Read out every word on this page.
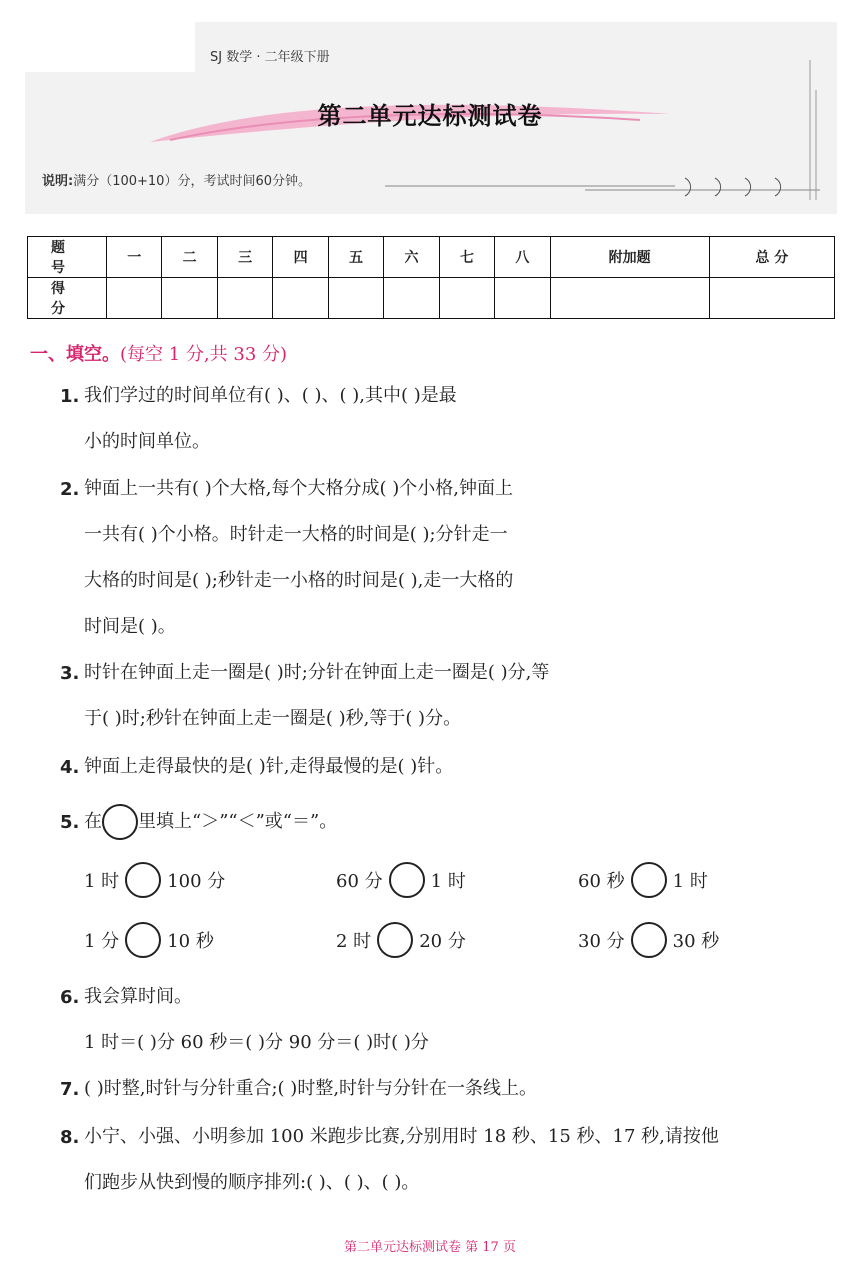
SJ 数学 · 二年级下册
第二单元达标测试卷
说明:满分（100+10）分，考试时间60分钟。
题 号	一	二	三	四	五	六	七	八	附加题	总 分
得 分										
一、填空。(每空 1 分,共 33 分)
1. 我们学过的时间单位有( )、( )、( ),其中( )是最
小的时间单位。
2. 钟面上一共有( )个大格,每个大格分成( )个小格,钟面上
一共有( )个小格。时针走一大格的时间是( );分针走一
大格的时间是( );秒针走一小格的时间是( ),走一大格的
时间是( )。
3. 时针在钟面上走一圈是( )时;分针在钟面上走一圈是( )分,等
于( )时;秒针在钟面上走一圈是( )秒,等于( )分。
4. 钟面上走得最快的是( )针,走得最慢的是( )针。
5. 在 里填上“＞”“＜”或“＝”。
1 时	100 分	60 分	1 时	60 秒	1 时
1 分	10 秒	2 时	20 分	30 分	30 秒
6. 我会算时间。
1 时＝( )分 60 秒＝( )分 90 分＝( )时( )分
7. ( )时整,时针与分针重合;( )时整,时针与分针在一条线上。
8. 小宁、小强、小明参加 100 米跑步比赛,分别用时 18 秒、15 秒、17 秒,请按他
们跑步从快到慢的顺序排列:( )、( )、( )。
第二单元达标测试卷 第 17 页
